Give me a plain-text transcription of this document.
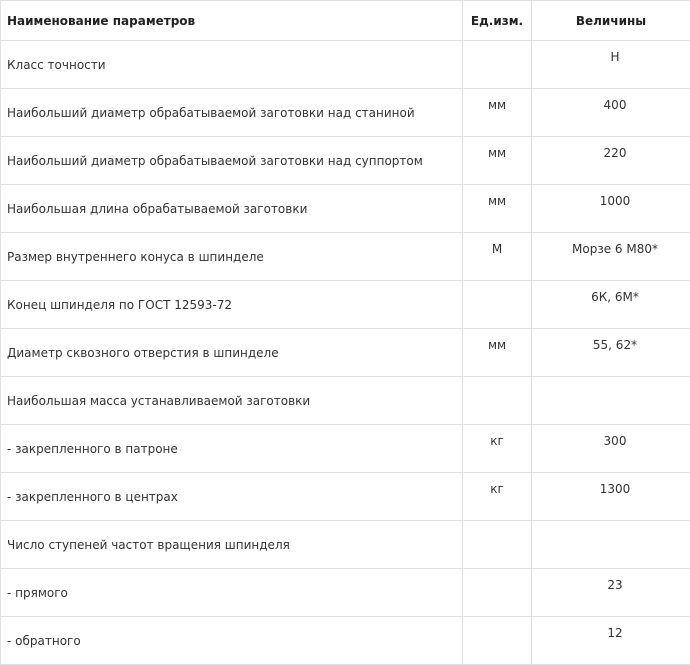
Наименование параметров	Ед.изм.	Величины
Класс точности		Н
Наибольший диаметр обрабатываемой заготовки над станиной	мм	400
Наибольший диаметр обрабатываемой заготовки над суппортом	мм	220
Наибольшая длина обрабатываемой заготовки	мм	1000
Размер внутреннего конуса в шпинделе	М	Морзе 6 М80*
Конец шпинделя по ГОСТ 12593-72		6К, 6М*
Диаметр сквозного отверстия в шпинделе	мм	55, 62*
Наибольшая масса устанавливаемой заготовки		
- закрепленного в патроне	кг	300
- закрепленного в центрах	кг	1300
Число ступеней частот вращения шпинделя		
- прямого		23
- обратного		12
